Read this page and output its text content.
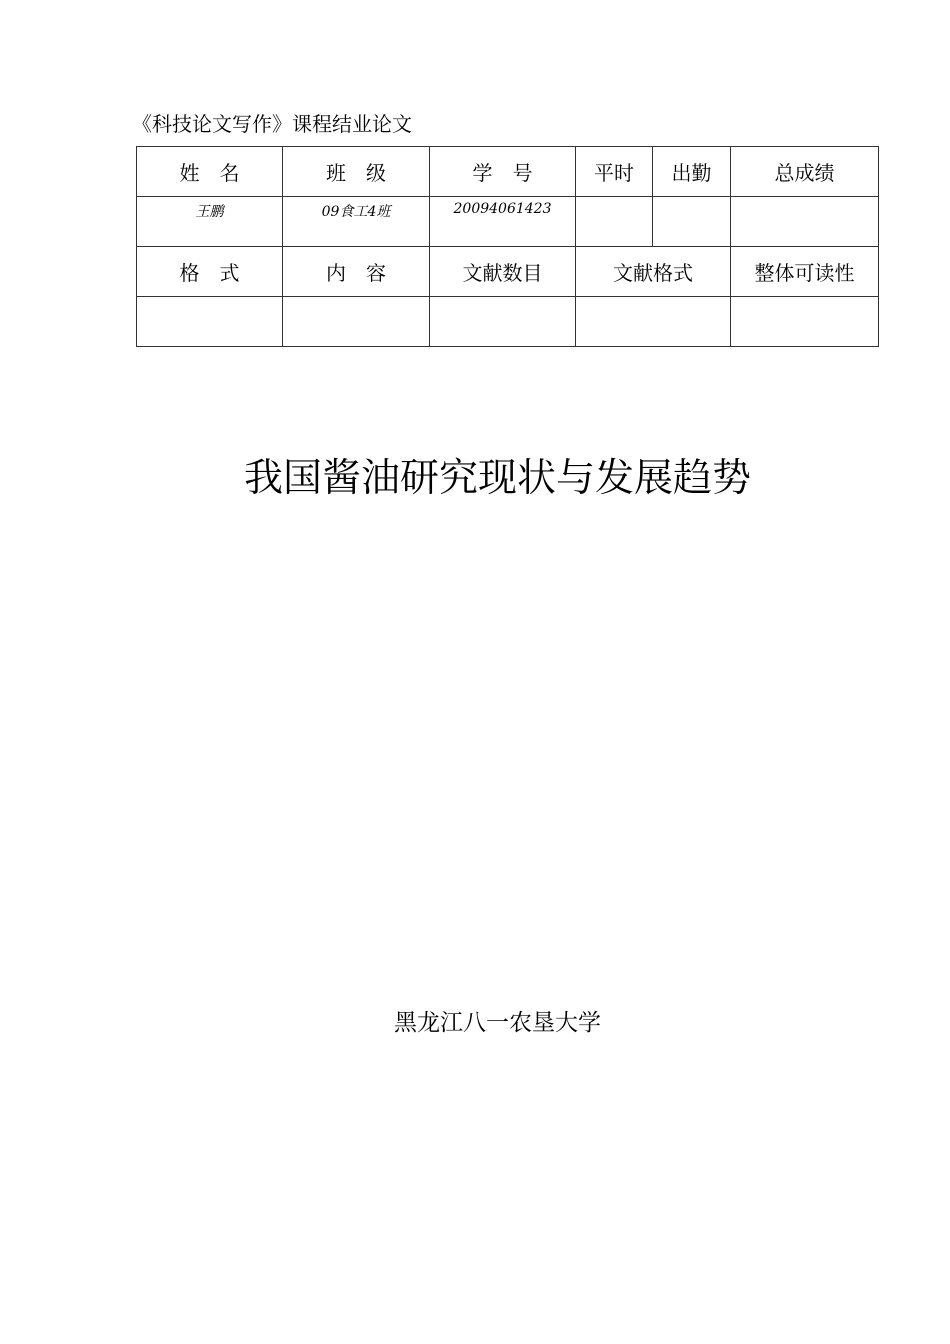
《科技论文写作》课程结业论文
姓　名	班　级	学　号	平时	出勤	总成绩
王鹏	09食工4班	20094061423			
格　式	内　容	文献数目	文献格式		整体可读性

我国酱油研究现状与发展趋势
黑龙江八一农垦大学
